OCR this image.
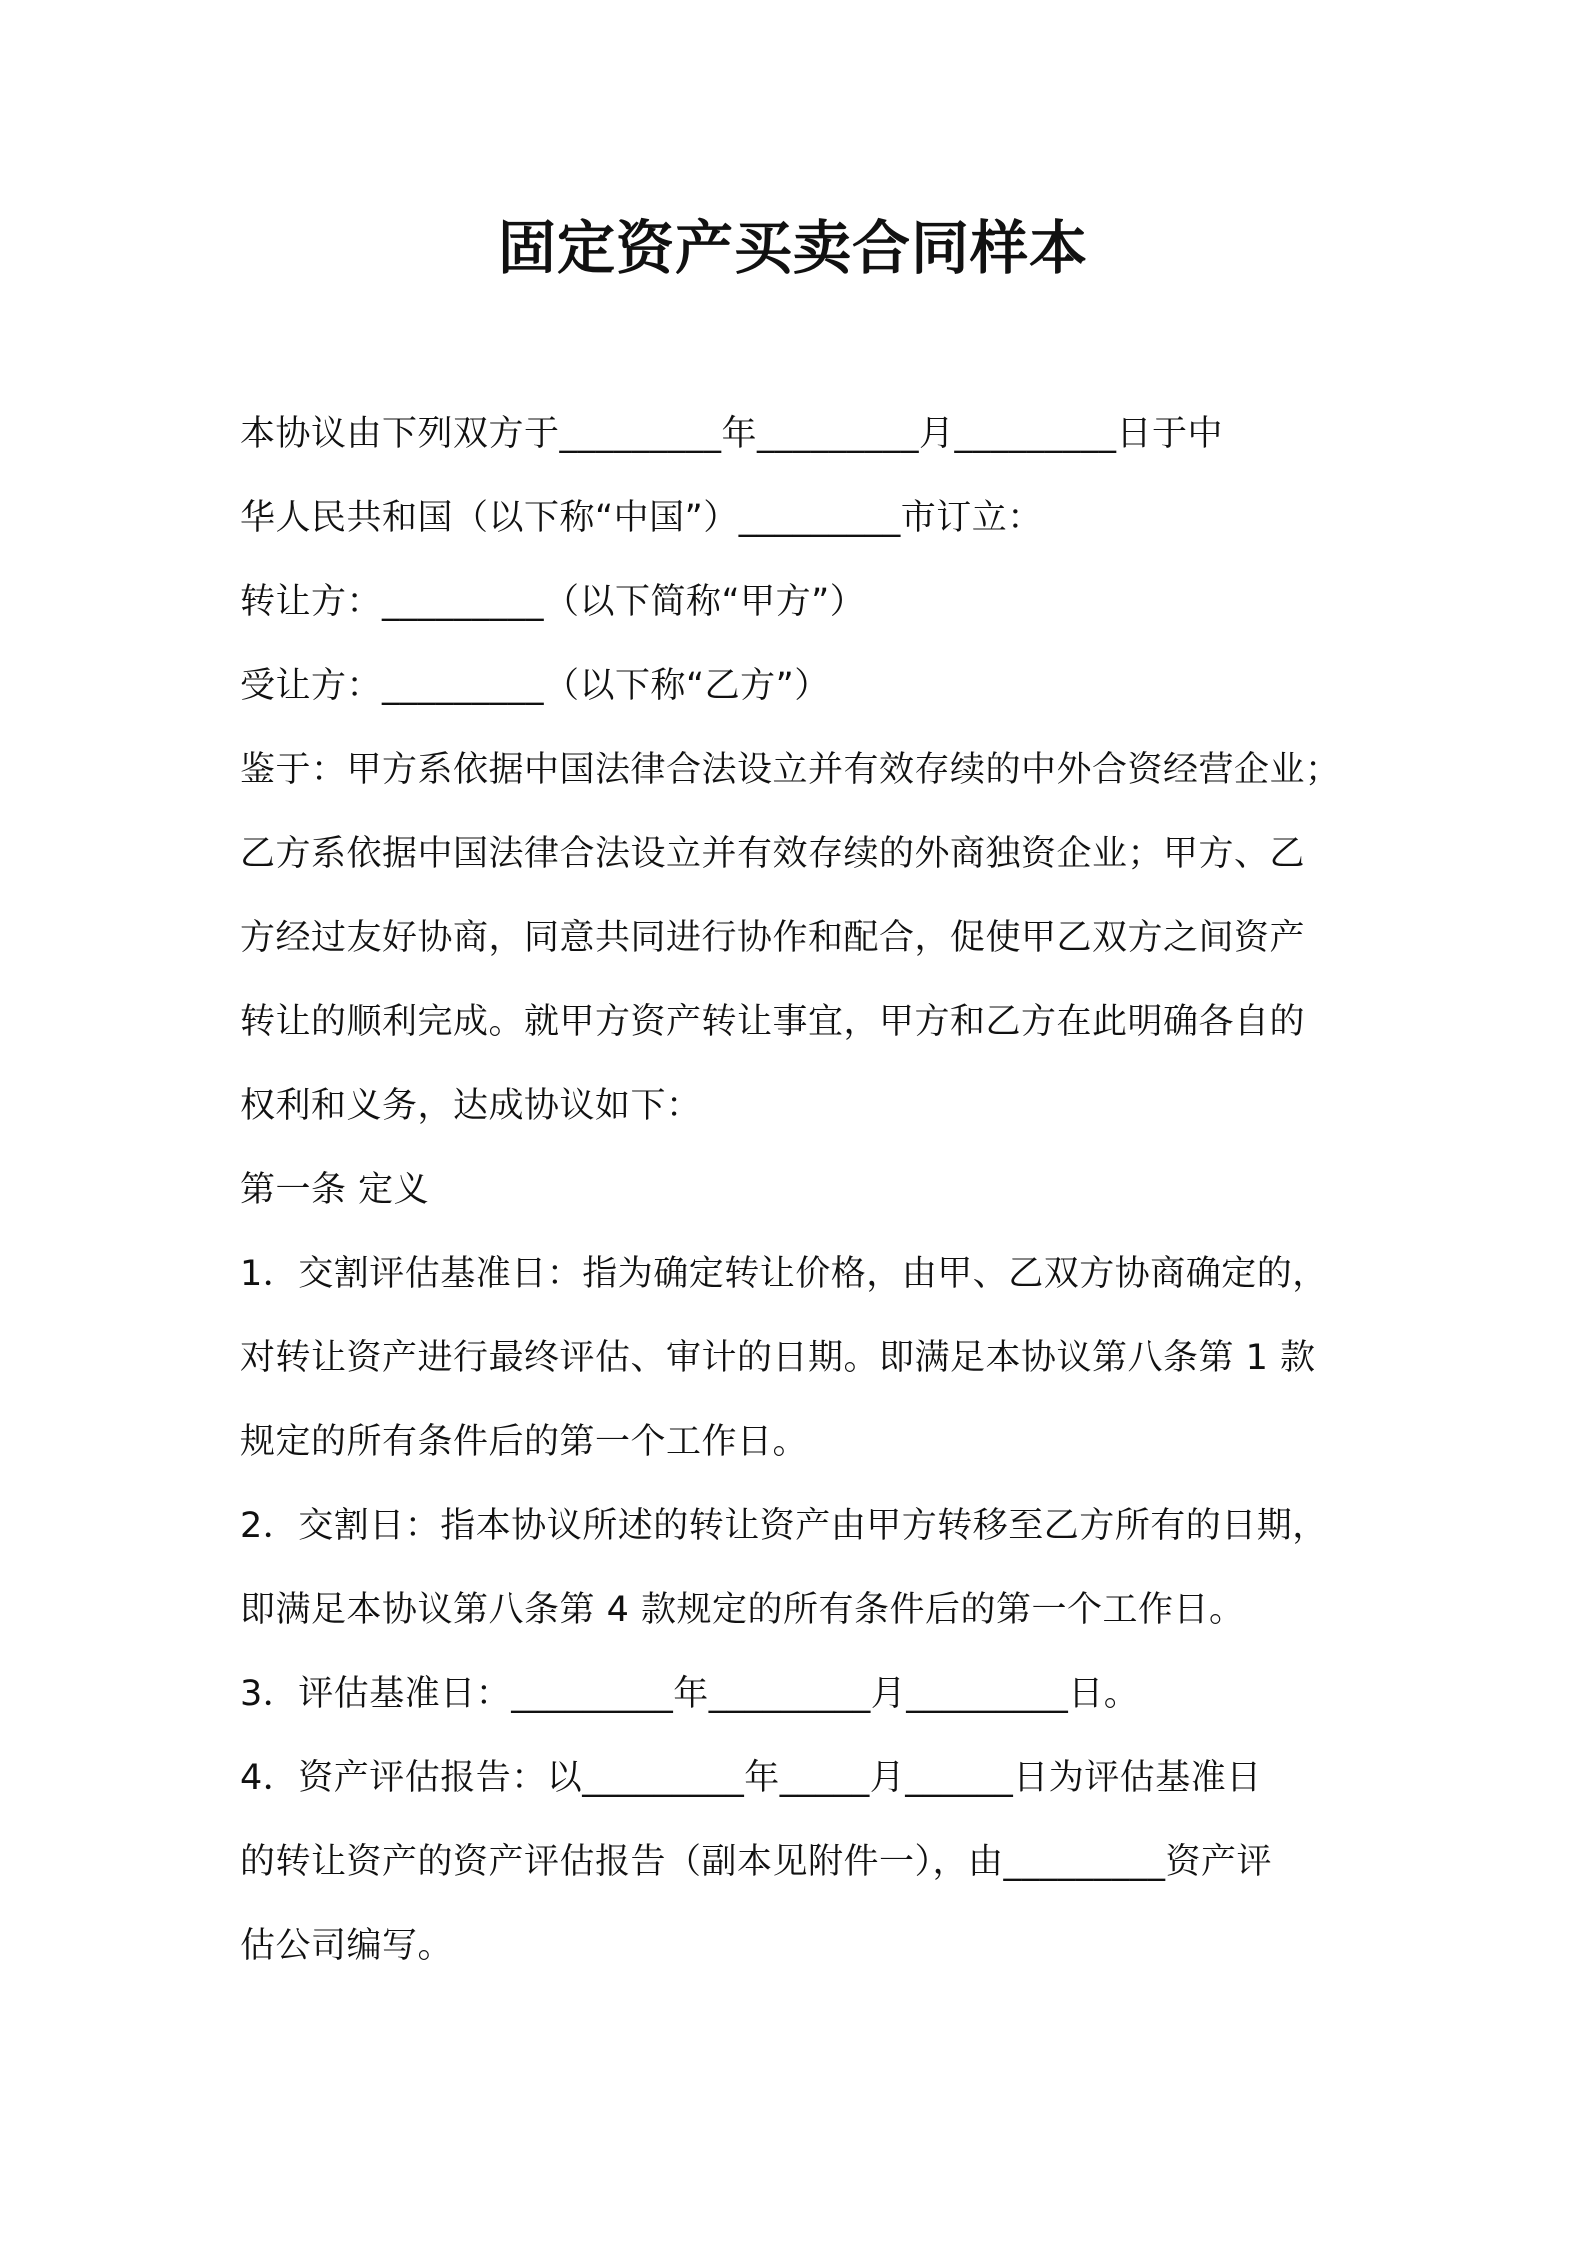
固定资产买卖合同样本
本协议由下列双方于_________年_________月_________日于中
华人民共和国（以下称“中国”）_________市订立：
转让方：_________（以下简称“甲方”）
受让方：_________（以下称“乙方”）
鉴于：甲方系依据中国法律合法设立并有效存续的中外合资经营企业；
乙方系依据中国法律合法设立并有效存续的外商独资企业；甲方、乙
方经过友好协商，同意共同进行协作和配合，促使甲乙双方之间资产
转让的顺利完成。就甲方资产转让事宜，甲方和乙方在此明确各自的
权利和义务，达成协议如下：
第一条 定义
1．交割评估基准日：指为确定转让价格，由甲、乙双方协商确定的，
对转让资产进行最终评估、审计的日期。即满足本协议第八条第 1 款
规定的所有条件后的第一个工作日。
2．交割日：指本协议所述的转让资产由甲方转移至乙方所有的日期，
即满足本协议第八条第 4 款规定的所有条件后的第一个工作日。
3．评估基准日：_________年_________月_________日。
4．资产评估报告：以_________年_____月______日为评估基准日
的转让资产的资产评估报告（副本见附件一），由_________资产评
估公司编写。
